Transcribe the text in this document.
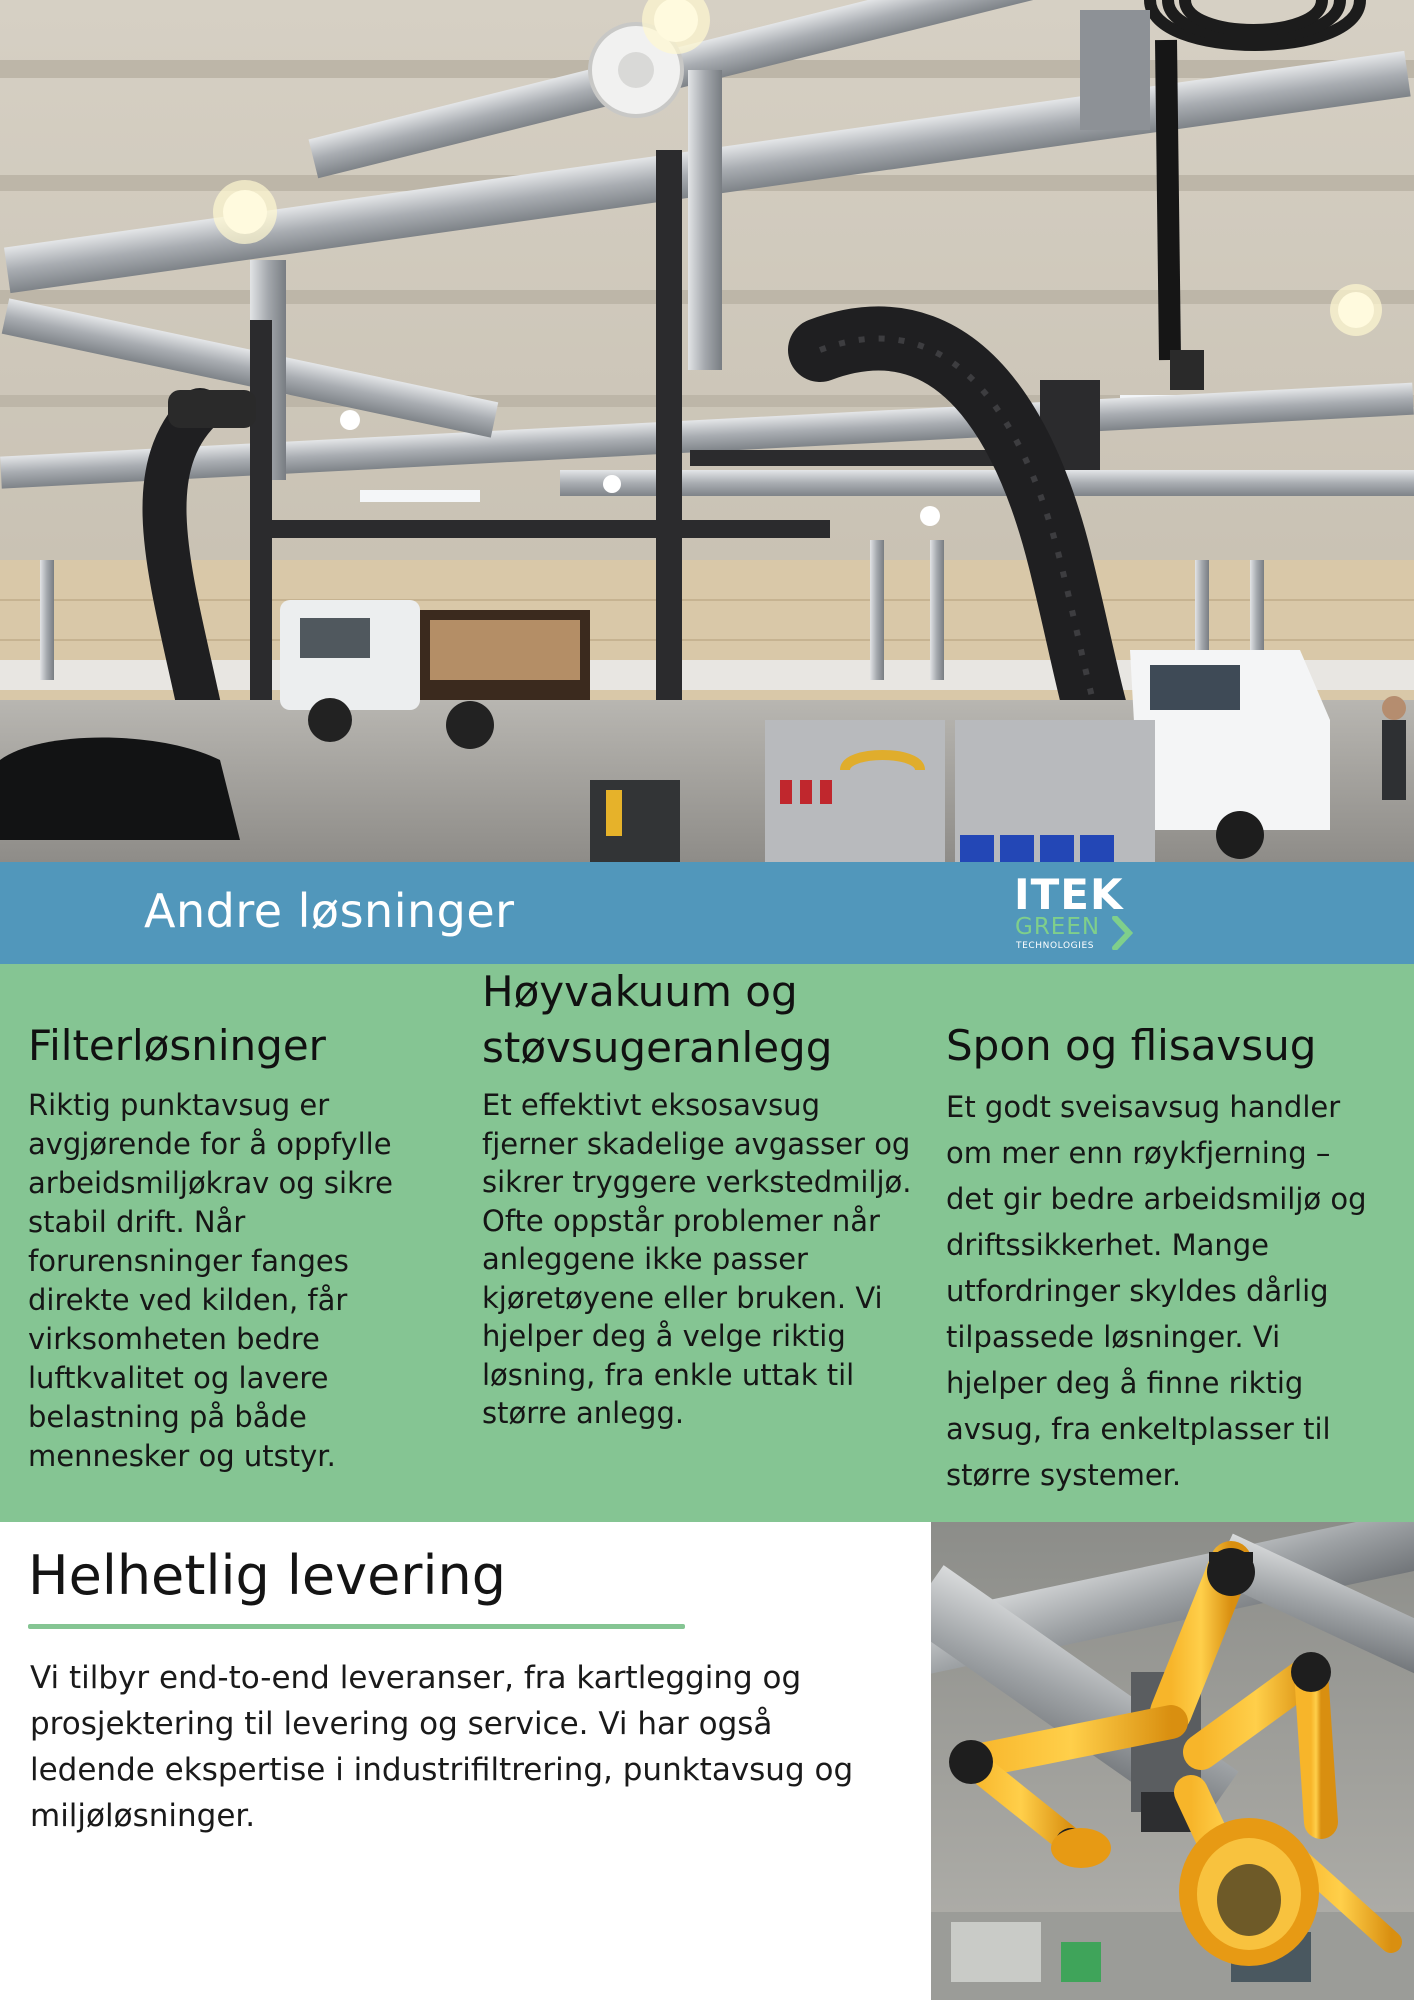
Andre løsninger	ITEK
GREEN
TECHNOLOGIES
Filterløsninger

Riktig punktavsug er avgjørende for å oppfylle arbeidsmiljøkrav og sikre stabil drift. Når forurensninger fanges direkte ved kilden, får virksomheten bedre luftkvalitet og lavere belastning på både mennesker og utstyr.

Høyvakuum og støvsugeranlegg

Et effektivt eksosavsug fjerner skadelige avgasser og sikrer tryggere verkstedmiljø. Ofte oppstår problemer når anleggene ikke passer kjøretøyene eller bruken. Vi hjelper deg å velge riktig løsning, fra enkle uttak til større anlegg.

Spon og flisavsug

Et godt sveisavsug handler om mer enn røykfjerning – det gir bedre arbeidsmiljø og driftssikkerhet. Mange utfordringer skyldes dårlig tilpassede løsninger. Vi hjelper deg å finne riktig avsug, fra enkeltplasser til større systemer.

Helhetlig levering

Vi tilbyr end-to-end leveranser, fra kartlegging og prosjektering til levering og service. Vi har også ledende ekspertise i industrifiltrering, punktavsug og miljøløsninger.
